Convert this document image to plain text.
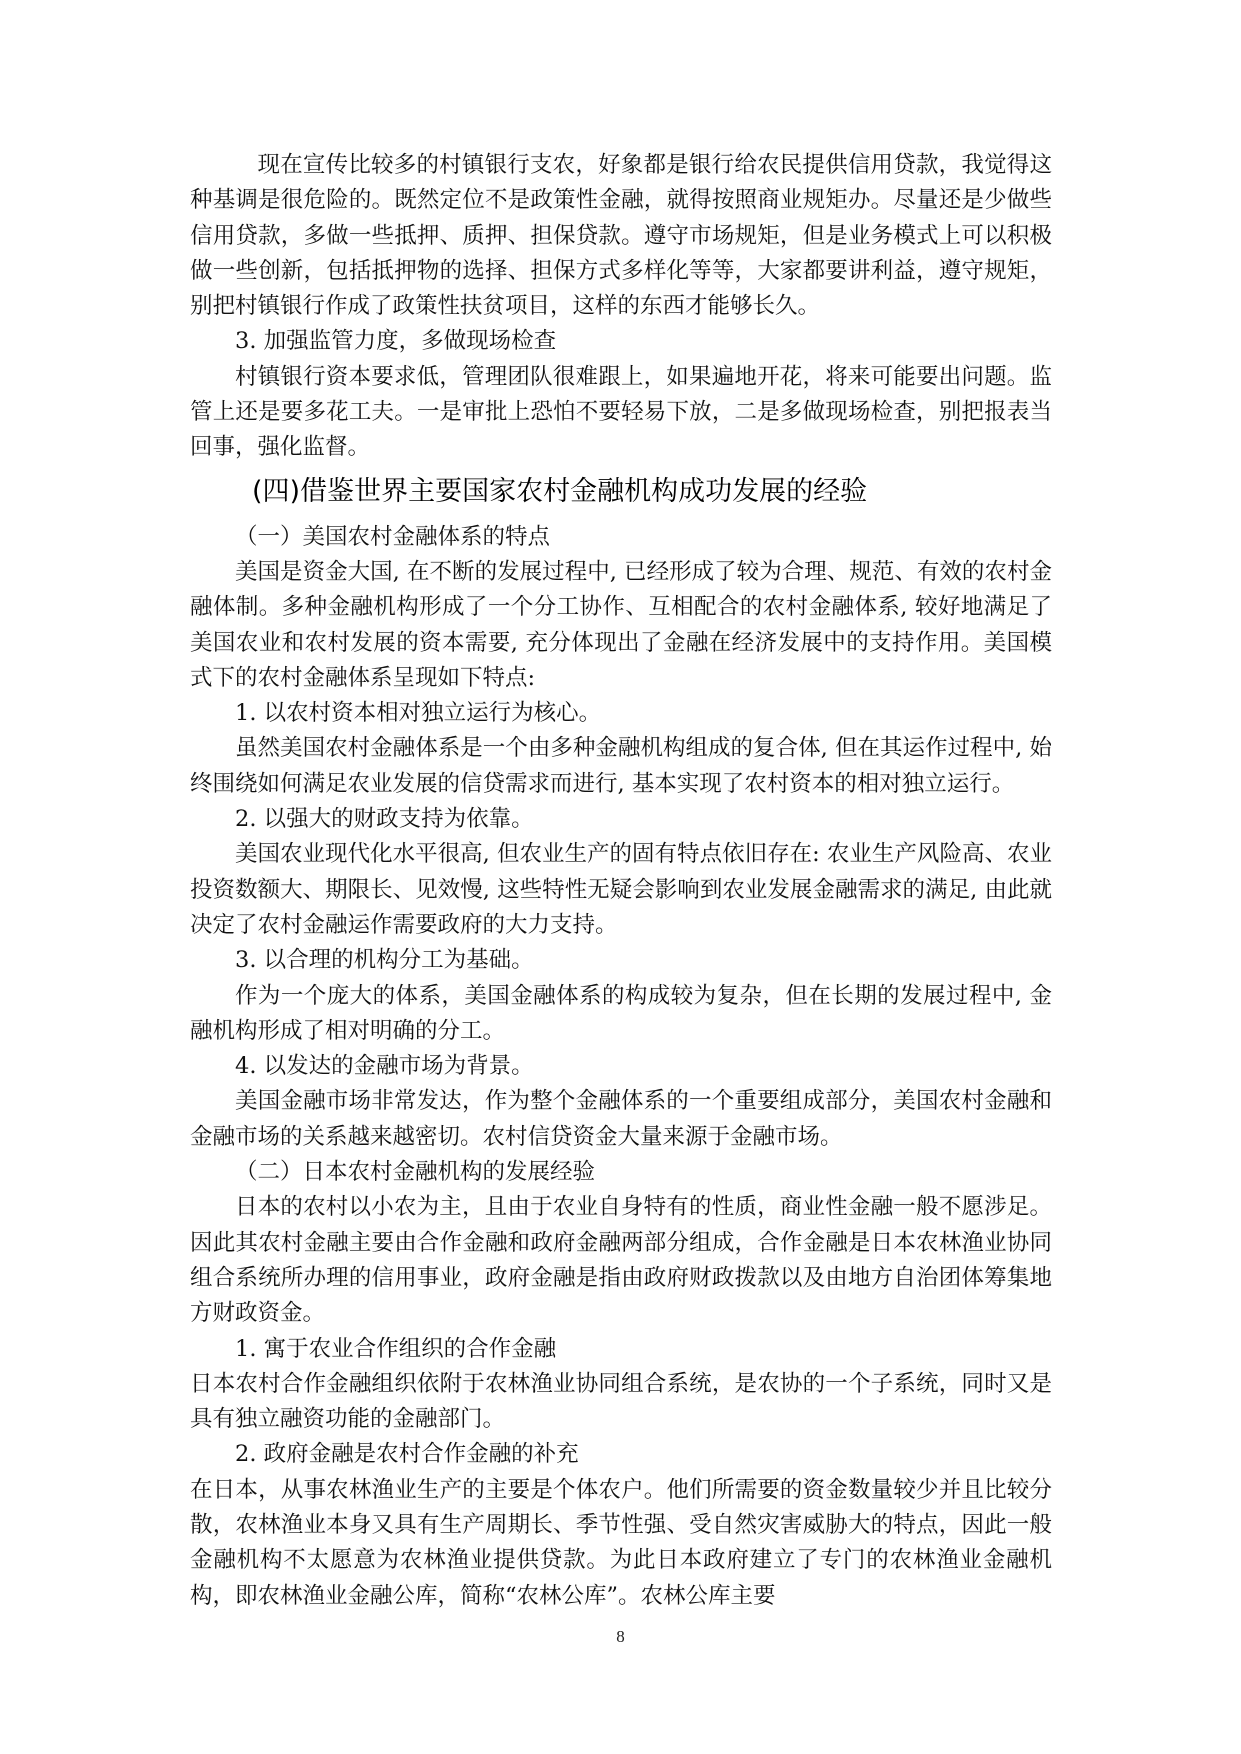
现在宣传比较多的村镇银行支农，好象都是银行给农民提供信用贷款，我觉得这种基调是很危险的。既然定位不是政策性金融，就得按照商业规矩办。尽量还是少做些信用贷款，多做一些抵押、质押、担保贷款。遵守市场规矩，但是业务模式上可以积极做一些创新，包括抵押物的选择、担保方式多样化等等，大家都要讲利益，遵守规矩，别把村镇银行作成了政策性扶贫项目，这样的东西才能够长久。

3. 加强监管力度，多做现场检查

村镇银行资本要求低，管理团队很难跟上，如果遍地开花，将来可能要出问题。监管上还是要多花工夫。一是审批上恐怕不要轻易下放，二是多做现场检查，别把报表当回事，强化监督。

(四)借鉴世界主要国家农村金融机构成功发展的经验

（一）美国农村金融体系的特点

美国是资金大国, 在不断的发展过程中, 已经形成了较为合理、规范、有效的农村金融体制。多种金融机构形成了一个分工协作、互相配合的农村金融体系, 较好地满足了美国农业和农村发展的资本需要, 充分体现出了金融在经济发展中的支持作用。美国模式下的农村金融体系呈现如下特点:

1. 以农村资本相对独立运行为核心。

虽然美国农村金融体系是一个由多种金融机构组成的复合体, 但在其运作过程中, 始终围绕如何满足农业发展的信贷需求而进行, 基本实现了农村资本的相对独立运行。

2. 以强大的财政支持为依靠。

美国农业现代化水平很高, 但农业生产的固有特点依旧存在: 农业生产风险高、农业投资数额大、期限长、见效慢, 这些特性无疑会影响到农业发展金融需求的满足, 由此就决定了农村金融运作需要政府的大力支持。

3. 以合理的机构分工为基础。

作为一个庞大的体系，美国金融体系的构成较为复杂，但在长期的发展过程中, 金融机构形成了相对明确的分工。

4. 以发达的金融市场为背景。

美国金融市场非常发达，作为整个金融体系的一个重要组成部分，美国农村金融和金融市场的关系越来越密切。农村信贷资金大量来源于金融市场。

（二）日本农村金融机构的发展经验

日本的农村以小农为主，且由于农业自身特有的性质，商业性金融一般不愿涉足。因此其农村金融主要由合作金融和政府金融两部分组成，合作金融是日本农林渔业协同组合系统所办理的信用事业，政府金融是指由政府财政拨款以及由地方自治团体筹集地方财政资金。

1. 寓于农业合作组织的合作金融

日本农村合作金融组织依附于农林渔业协同组合系统，是农协的一个子系统，同时又是具有独立融资功能的金融部门。

2. 政府金融是农村合作金融的补充

在日本，从事农林渔业生产的主要是个体农户。他们所需要的资金数量较少并且比较分散，农林渔业本身又具有生产周期长、季节性强、受自然灾害威胁大的特点，因此一般金融机构不太愿意为农林渔业提供贷款。为此日本政府建立了专门的农林渔业金融机构，即农林渔业金融公库，简称“农林公库”。农林公库主要

8
